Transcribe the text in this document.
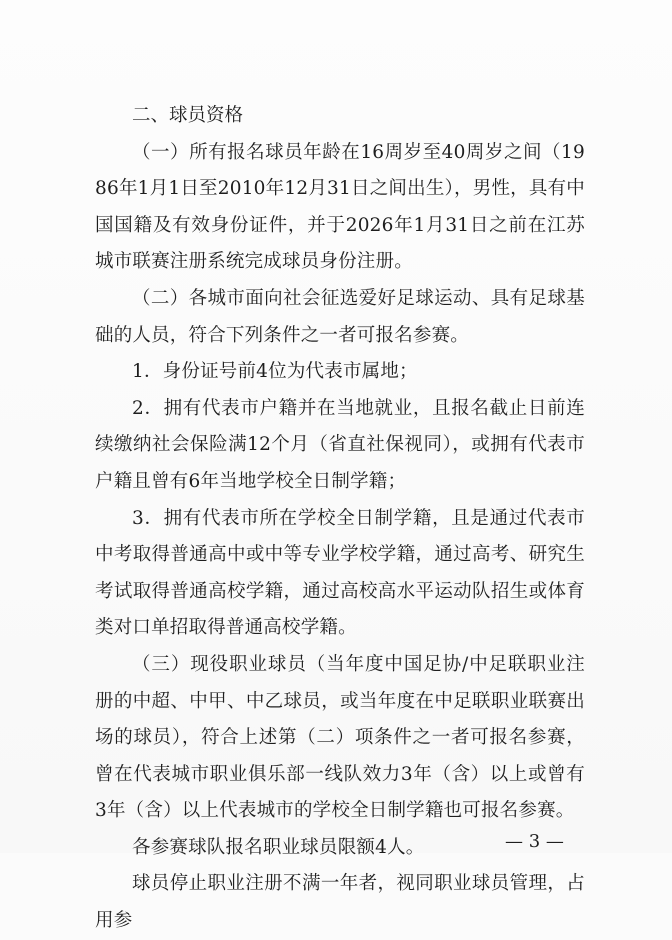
二、球员资格

（一）所有报名球员年龄在16周岁至40周岁之间（1986年1月1日至2010年12月31日之间出生），男性，具有中国国籍及有效身份证件，并于2026年1月31日之前在江苏城市联赛注册系统完成球员身份注册。

（二）各城市面向社会征选爱好足球运动、具有足球基础的人员，符合下列条件之一者可报名参赛。

1．身份证号前4位为代表市属地；

2．拥有代表市户籍并在当地就业，且报名截止日前连续缴纳社会保险满12个月（省直社保视同），或拥有代表市户籍且曾有6年当地学校全日制学籍；

3．拥有代表市所在学校全日制学籍，且是通过代表市中考取得普通高中或中等专业学校学籍，通过高考、研究生考试取得普通高校学籍，通过高校高水平运动队招生或体育类对口单招取得普通高校学籍。

（三）现役职业球员（当年度中国足协/中足联职业注册的中超、中甲、中乙球员，或当年度在中足联职业联赛出场的球员），符合上述第（二）项条件之一者可报名参赛，曾在代表城市职业俱乐部一线队效力3年（含）以上或曾有3年（含）以上代表城市的学校全日制学籍也可报名参赛。

各参赛球队报名职业球员限额4人。

球员停止职业注册不满一年者，视同职业球员管理，占用参

— 3 —
